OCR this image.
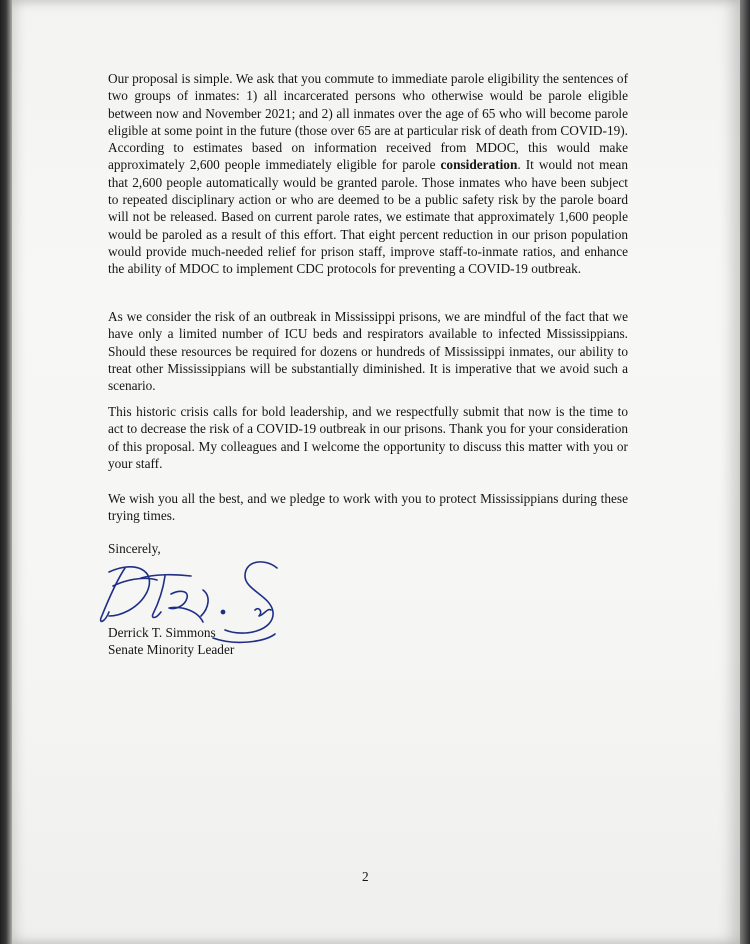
Our proposal is simple. We ask that you commute to immediate parole eligibility the sentences of two groups of inmates: 1) all incarcerated persons who otherwise would be parole eligible between now and November 2021; and 2) all inmates over the age of 65 who will become parole eligible at some point in the future (those over 65 are at particular risk of death from COVID-19). According to estimates based on information received from MDOC, this would make approximately 2,600 people immediately eligible for parole consideration. It would not mean that 2,600 people automatically would be granted parole. Those inmates who have been subject to repeated disciplinary action or who are deemed to be a public safety risk by the parole board will not be released. Based on current parole rates, we estimate that approximately 1,600 people would be paroled as a result of this effort. That eight percent reduction in our prison population would provide much-needed relief for prison staff, improve staff-to-inmate ratios, and enhance the ability of MDOC to implement CDC protocols for preventing a COVID-19 outbreak.

As we consider the risk of an outbreak in Mississippi prisons, we are mindful of the fact that we have only a limited number of ICU beds and respirators available to infected Mississippians. Should these resources be required for dozens or hundreds of Mississippi inmates, our ability to treat other Mississippians will be substantially diminished. It is imperative that we avoid such a scenario.

This historic crisis calls for bold leadership, and we respectfully submit that now is the time to act to decrease the risk of a COVID-19 outbreak in our prisons. Thank you for your consideration of this proposal. My colleagues and I welcome the opportunity to discuss this matter with you or your staff.

We wish you all the best, and we pledge to work with you to protect Mississippians during these trying times.

Sincerely,
Derrick T. Simmons
Senate Minority Leader
2
